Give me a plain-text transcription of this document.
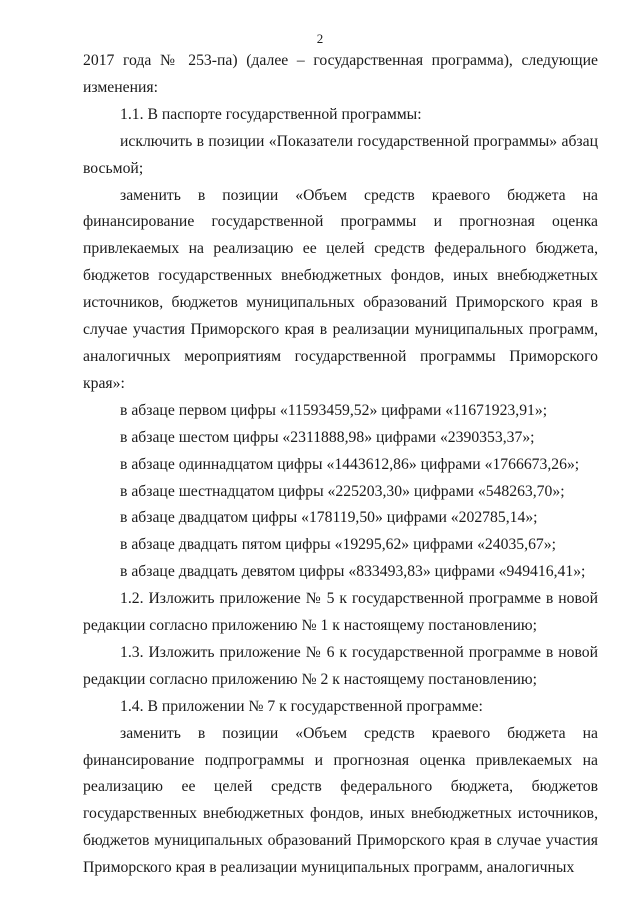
2

2017 года № 253-па) (далее – государственная программа), следующие изменения:

1.1. В паспорте государственной программы:

исключить в позиции «Показатели государственной программы» абзац восьмой;

заменить в позиции «Объем средств краевого бюджета на финансирование государственной программы и прогнозная оценка привлекаемых на реализацию ее целей средств федерального бюджета, бюджетов государственных внебюджетных фондов, иных внебюджетных источников, бюджетов муниципальных образований Приморского края в случае участия Приморского края в реализации муниципальных программ, аналогичных мероприятиям государственной программы Приморского края»:

в абзаце первом цифры «11593459,52» цифрами «11671923,91»;

в абзаце шестом цифры «2311888,98» цифрами «2390353,37»;

в абзаце одиннадцатом цифры «1443612,86» цифрами «1766673,26»;

в абзаце шестнадцатом цифры «225203,30» цифрами «548263,70»;

в абзаце двадцатом цифры «178119,50» цифрами «202785,14»;

в абзаце двадцать пятом цифры «19295,62» цифрами «24035,67»;

в абзаце двадцать девятом цифры «833493,83» цифрами «949416,41»;

1.2. Изложить приложение № 5 к государственной программе в новой редакции согласно приложению № 1 к настоящему постановлению;

1.3. Изложить приложение № 6 к государственной программе в новой редакции согласно приложению № 2 к настоящему постановлению;

1.4. В приложении № 7 к государственной программе:

заменить в позиции «Объем средств краевого бюджета на финансирование подпрограммы и прогнозная оценка привлекаемых на реализацию ее целей средств федерального бюджета, бюджетов государственных внебюджетных фондов, иных внебюджетных источников, бюджетов муниципальных образований Приморского края в случае участия Приморского края в реализации муниципальных программ, аналогичных
